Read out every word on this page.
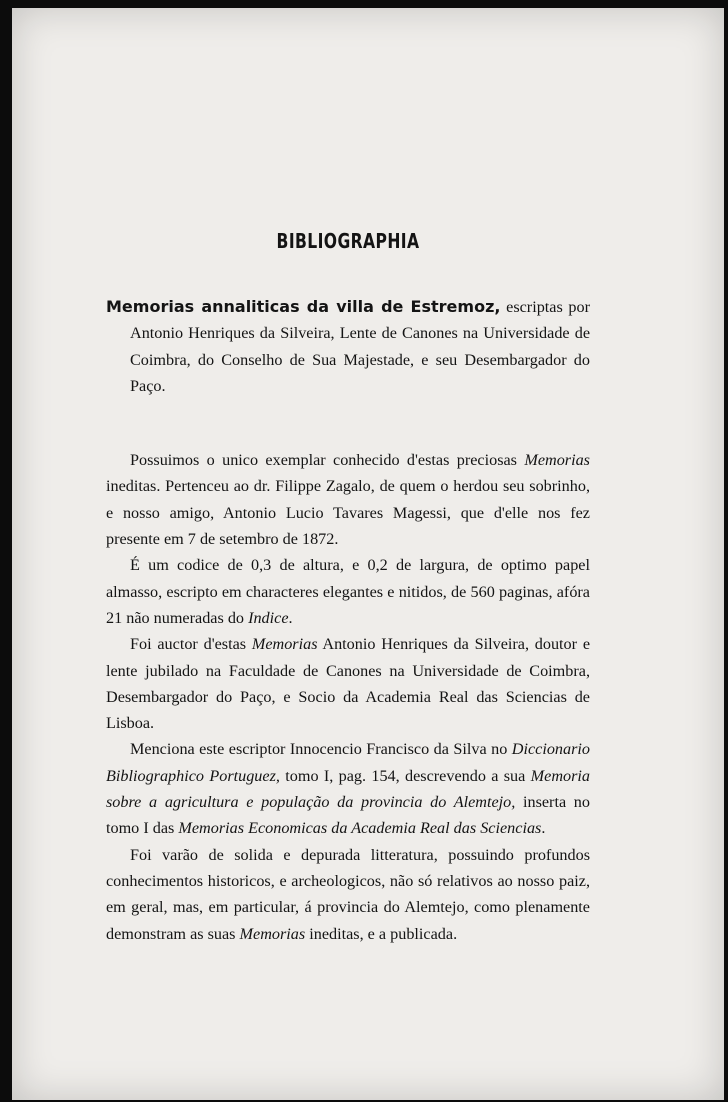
BIBLIOGRAPHIA
Memorias annaliticas da villa de Estremoz, escriptas por Antonio Henriques da Silveira, Lente de Canones na Universidade de Coimbra, do Conselho de Sua Majestade, e seu Desembargador do Paço.

Possuimos o unico exemplar conhecido d'estas preciosas Memorias ineditas. Pertenceu ao dr. Filippe Zagalo, de quem o herdou seu sobrinho, e nosso amigo, Antonio Lucio Tavares Magessi, que d'elle nos fez presente em 7 de setembro de 1872.

É um codice de 0,3 de altura, e 0,2 de largura, de optimo papel almasso, escripto em characteres elegantes e nitidos, de 560 paginas, afóra 21 não numeradas do Indice.

Foi auctor d'estas Memorias Antonio Henriques da Silveira, doutor e lente jubilado na Faculdade de Canones na Universidade de Coimbra, Desembargador do Paço, e Socio da Academia Real das Sciencias de Lisboa.

Menciona este escriptor Innocencio Francisco da Silva no Diccionario Bibliographico Portuguez, tomo I, pag. 154, descrevendo a sua Memoria sobre a agricultura e população da provincia do Alemtejo, inserta no tomo I das Memorias Economicas da Academia Real das Sciencias.

Foi varão de solida e depurada litteratura, possuindo profundos conhecimentos historicos, e archeologicos, não só relativos ao nosso paiz, em geral, mas, em particular, á provincia do Alemtejo, como plenamente demonstram as suas Memorias ineditas, e a publicada.
